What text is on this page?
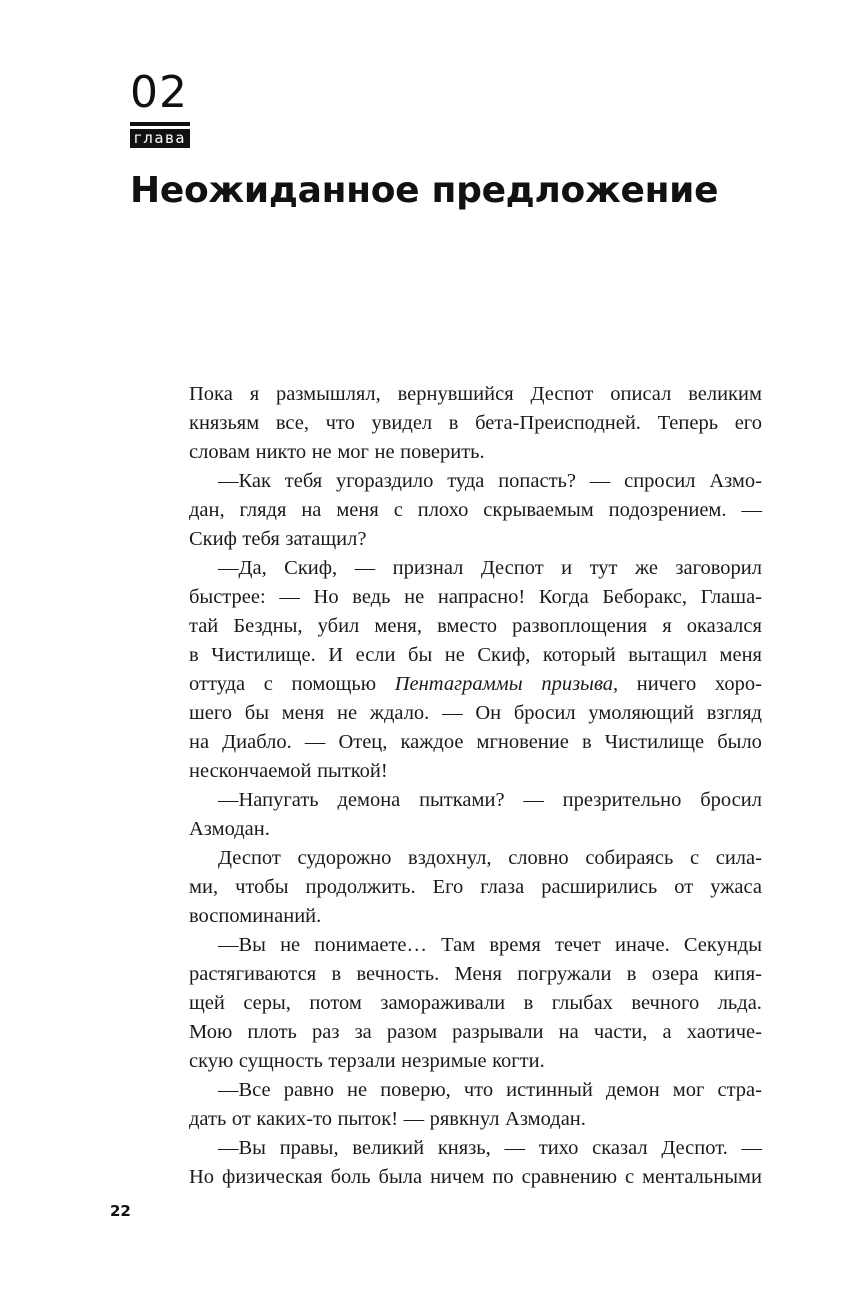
02
глава
Неожиданное предложение
Пока я размышлял, вернувшийся Деспот описал великим
князьям все, что увидел в бета-Преисподней. Теперь его
словам никто не мог не поверить.
—Как тебя угораздило туда попасть? — спросил Азмо-
дан, глядя на меня с плохо скрываемым подозрением. —
Скиф тебя затащил?
—Да, Скиф, — признал Деспот и тут же заговорил
быстрее: — Но ведь не напрасно! Когда Беборакс, Глаша-
тай Бездны, убил меня, вместо развоплощения я оказался
в Чистилище. И если бы не Скиф, который вытащил меня
оттуда с помощью Пентаграммы призыва, ничего хоро-
шего бы меня не ждало. — Он бросил умоляющий взгляд
на Диабло. — Отец, каждое мгновение в Чистилище было
нескончаемой пыткой!
—Напугать демона пытками? — презрительно бросил
Азмодан.
Деспот судорожно вздохнул, словно собираясь с сила-
ми, чтобы продолжить. Его глаза расширились от ужаса
воспоминаний.
—Вы не понимаете… Там время течет иначе. Секунды
растягиваются в вечность. Меня погружали в озера кипя-
щей серы, потом замораживали в глыбах вечного льда.
Мою плоть раз за разом разрывали на части, а хаотиче-
скую сущность терзали незримые когти.
—Все равно не поверю, что истинный демон мог стра-
дать от каких-то пыток! — рявкнул Азмодан.
—Вы правы, великий князь, — тихо сказал Деспот. —
Но физическая боль была ничем по сравнению с ментальными
22
